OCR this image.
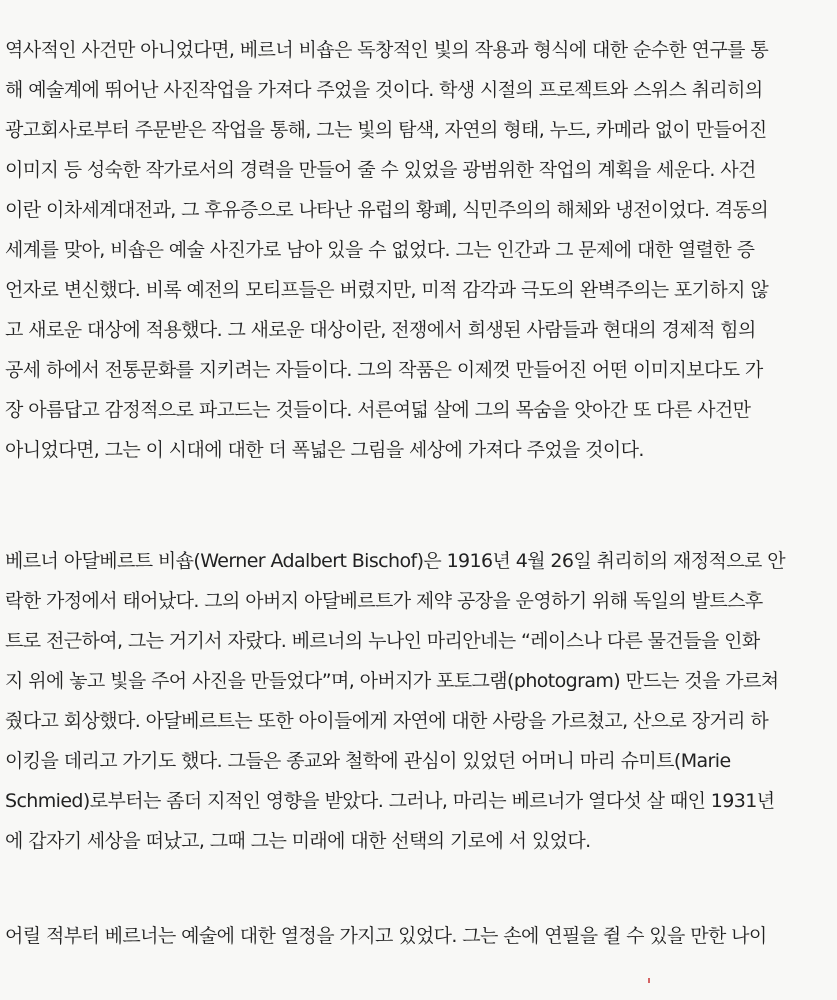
역사적인 사건만 아니었다면, 베르너 비숍은 독창적인 빛의 작용과 형식에 대한 순수한 연구를 통
해 예술계에 뛰어난 사진작업을 가져다 주었을 것이다. 학생 시절의 프로젝트와 스위스 취리히의
광고회사로부터 주문받은 작업을 통해, 그는 빛의 탐색, 자연의 형태, 누드, 카메라 없이 만들어진
이미지 등 성숙한 작가로서의 경력을 만들어 줄 수 있었을 광범위한 작업의 계획을 세운다. 사건
이란 이차세계대전과, 그 후유증으로 나타난 유럽의 황폐, 식민주의의 해체와 냉전이었다. 격동의
세계를 맞아, 비숍은 예술 사진가로 남아 있을 수 없었다. 그는 인간과 그 문제에 대한 열렬한 증
언자로 변신했다. 비록 예전의 모티프들은 버렸지만, 미적 감각과 극도의 완벽주의는 포기하지 않
고 새로운 대상에 적용했다. 그 새로운 대상이란, 전쟁에서 희생된 사람들과 현대의 경제적 힘의
공세 하에서 전통문화를 지키려는 자들이다. 그의 작품은 이제껏 만들어진 어떤 이미지보다도 가
장 아름답고 감정적으로 파고드는 것들이다. 서른여덟 살에 그의 목숨을 앗아간 또 다른 사건만
아니었다면, 그는 이 시대에 대한 더 폭넓은 그림을 세상에 가져다 주었을 것이다.
베르너 아달베르트 비숍(Werner Adalbert Bischof)은 1916년 4월 26일 취리히의 재정적으로 안
락한 가정에서 태어났다. 그의 아버지 아달베르트가 제약 공장을 운영하기 위해 독일의 발트스후
트로 전근하여, 그는 거기서 자랐다. 베르너의 누나인 마리안네는 “레이스나 다른 물건들을 인화
지 위에 놓고 빛을 주어 사진을 만들었다”며, 아버지가 포토그램(photogram) 만드는 것을 가르쳐
줬다고 회상했다. 아달베르트는 또한 아이들에게 자연에 대한 사랑을 가르쳤고, 산으로 장거리 하
이킹을 데리고 가기도 했다. 그들은 종교와 철학에 관심이 있었던 어머니 마리 슈미트(Marie
Schmied)로부터는 좀더 지적인 영향을 받았다. 그러나, 마리는 베르너가 열다섯 살 때인 1931년
에 갑자기 세상을 떠났고, 그때 그는 미래에 대한 선택의 기로에 서 있었다.
어릴 적부터 베르너는 예술에 대한 열정을 가지고 있었다. 그는 손에 연필을 쥘 수 있을 만한 나이
